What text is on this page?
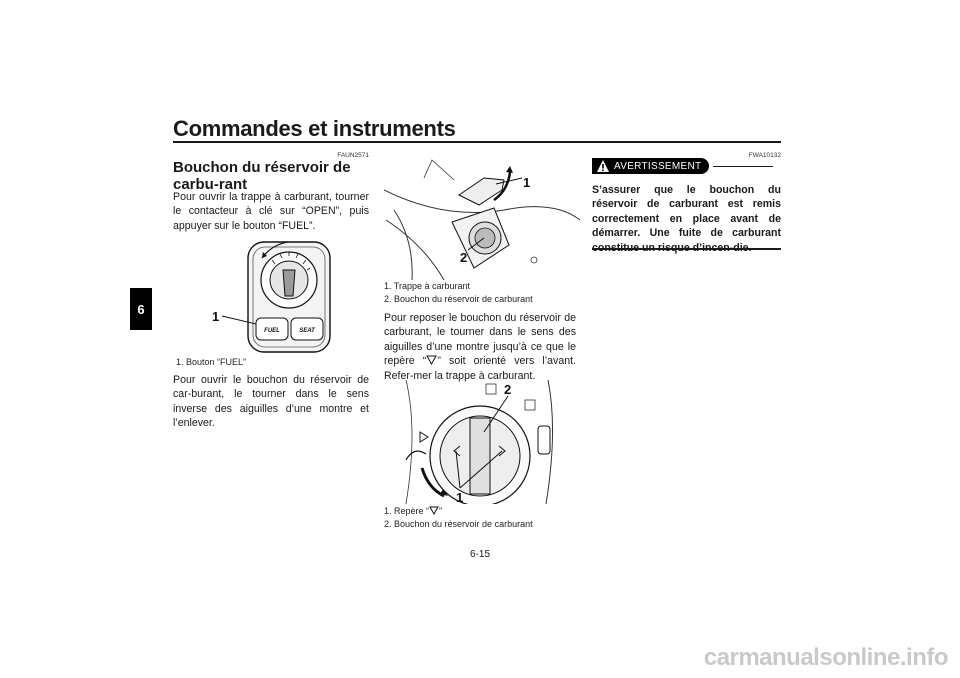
Commandes et instruments
6
FAUN2571
Bouchon du réservoir de carbu-rant

Pour ouvrir la trappe à carburant, tourner le contacteur à clé sur “OPEN”, puis appuyer sur le bouton “FUEL”.

FUEL	SEAT
1
1. Bouton “FUEL”

Pour ouvrir le bouchon du réservoir de car-burant, le tourner dans le sens inverse des aiguilles d’une montre et l’enlever.

1
2
1. Trappe à carburant
2. Bouchon du réservoir de carburant

Pour reposer le bouchon du réservoir de carburant, le tourner dans le sens des aiguilles d’une montre jusqu’à ce que le repère “ ” soit orienté vers l’avant. Refer-mer la trappe à carburant.

2
1
1. Repère “ ”
2. Bouchon du réservoir de carburant
FWA10132
AVERTISSEMENT

S’assurer que le bouchon du réservoir de carburant est remis correctement en place avant de démarrer. Une fuite de carburant

6-15
carmanualsonline.info
